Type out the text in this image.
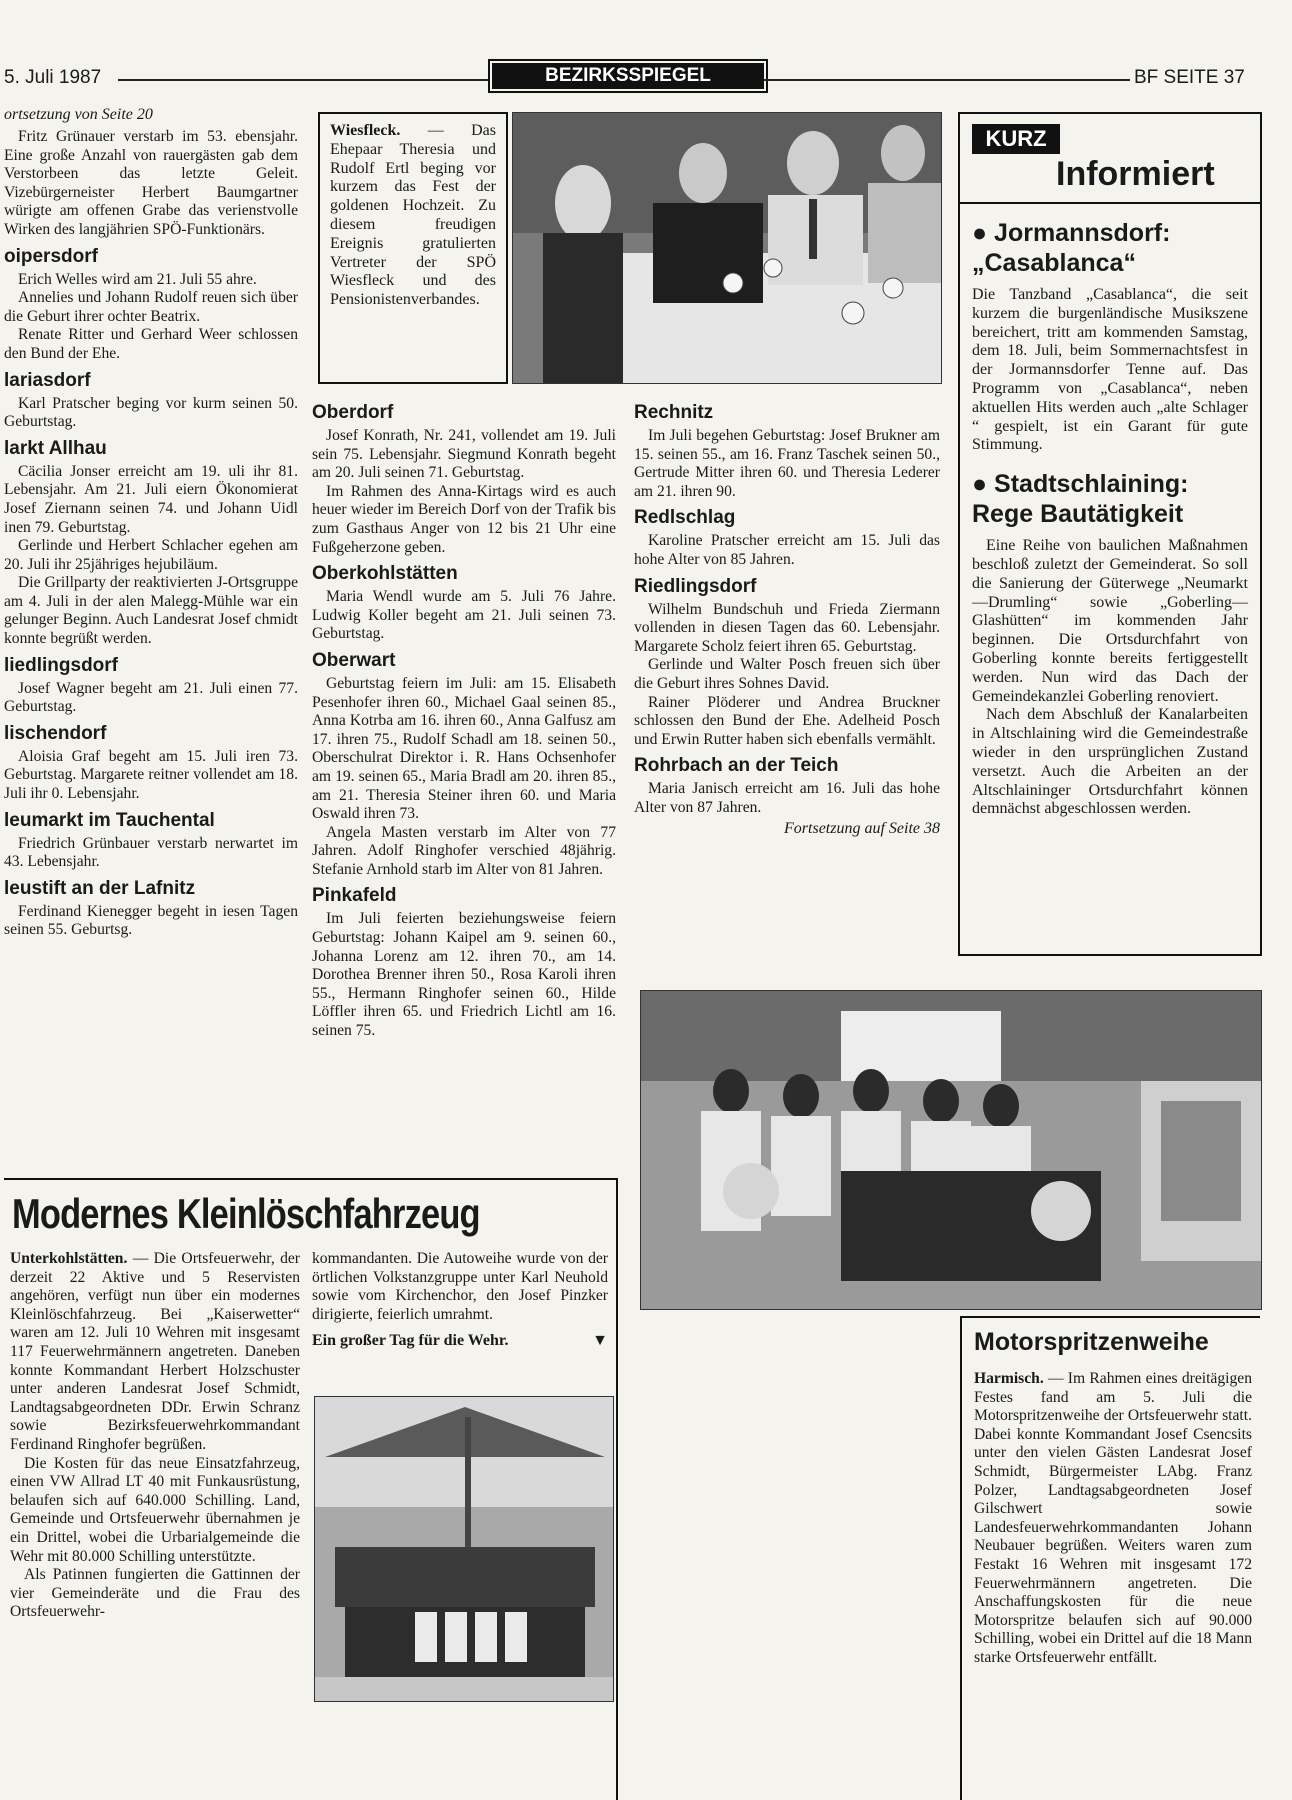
5. Juli 1987	BEZIRKSSPIEGEL	BF SEITE 37
ortsetzung von Seite 20

Fritz Grünauer verstarb im 53. ebensjahr. Eine große Anzahl von rauergästen gab dem Verstorbeen das letzte Geleit. Vizebürgerneister Herbert Baumgartner würigte am offenen Grabe das verienstvolle Wirken des langjährien SPÖ-Funktionärs.

oipersdorf

Erich Welles wird am 21. Juli 55 ahre.

Annelies und Johann Rudolf reuen sich über die Geburt ihrer ochter Beatrix.

Renate Ritter und Gerhard Weer schlossen den Bund der Ehe.

lariasdorf

Karl Pratscher beging vor kurm seinen 50. Geburtstag.

larkt Allhau

Cäcilia Jonser erreicht am 19. uli ihr 81. Lebensjahr. Am 21. Juli eiern Ökonomierat Josef Ziernann seinen 74. und Johann Uidl inen 79. Geburtstag.

Gerlinde und Herbert Schlacher egehen am 20. Juli ihr 25jähriges hejubiläum.

Die Grillparty der reaktivierten J-Ortsgruppe am 4. Juli in der alen Malegg-Mühle war ein gelunger Beginn. Auch Landesrat Josef chmidt konnte begrüßt werden.

liedlingsdorf

Josef Wagner begeht am 21. Juli einen 77. Geburtstag.

lischendorf

Aloisia Graf begeht am 15. Juli iren 73. Geburtstag. Margarete reitner vollendet am 18. Juli ihr 0. Lebensjahr.

leumarkt im Tauchental

Friedrich Grünbauer verstarb nerwartet im 43. Lebensjahr.

leustift an der Lafnitz

Ferdinand Kienegger begeht in iesen Tagen seinen 55. Geburtsg.

Wiesfleck. — Das Ehepaar Theresia und Rudolf Ertl beging vor kurzem das Fest der goldenen Hochzeit. Zu diesem freudigen Ereignis gratulierten Vertreter der SPÖ Wiesfleck und des Pensionistenverbandes.

KURZ
Informiert
● Jormannsdorf: „Casablanca“

Die Tanzband „Casablanca“, die seit kurzem die burgenländische Musikszene bereichert, tritt am kommenden Samstag, dem 18. Juli, beim Sommernachtsfest in der Jormannsdorfer Tenne auf. Das Programm von „Casablanca“, neben aktuellen Hits werden auch „alte Schlager “ gespielt, ist ein Garant für gute Stimmung.

● Stadtschlaining: Rege Bautätigkeit

Eine Reihe von baulichen Maßnahmen beschloß zuletzt der Gemeinderat. So soll die Sanierung der Güterwege „Neumarkt—Drumling“ sowie „Goberling—Glashütten“ im kommenden Jahr beginnen. Die Ortsdurchfahrt von Goberling konnte bereits fertiggestellt werden. Nun wird das Dach der Gemeindekanzlei Goberling renoviert.

Nach dem Abschluß der Kanalarbeiten in Altschlaining wird die Gemeindestraße wieder in den ursprünglichen Zustand versetzt. Auch die Arbeiten an der Altschlaininger Ortsdurchfahrt können demnächst abgeschlossen werden.

Oberdorf

Josef Konrath, Nr. 241, vollendet am 19. Juli sein 75. Lebensjahr. Siegmund Konrath begeht am 20. Juli seinen 71. Geburtstag.

Im Rahmen des Anna-Kirtags wird es auch heuer wieder im Bereich Dorf von der Trafik bis zum Gasthaus Anger von 12 bis 21 Uhr eine Fußgeherzone geben.

Oberkohlstätten

Maria Wendl wurde am 5. Juli 76 Jahre. Ludwig Koller begeht am 21. Juli seinen 73. Geburtstag.

Oberwart

Geburtstag feiern im Juli: am 15. Elisabeth Pesenhofer ihren 60., Michael Gaal seinen 85., Anna Kotrba am 16. ihren 60., Anna Galfusz am 17. ihren 75., Rudolf Schadl am 18. seinen 50., Oberschulrat Direktor i. R. Hans Ochsenhofer am 19. seinen 65., Maria Bradl am 20. ihren 85., am 21. Theresia Steiner ihren 60. und Maria Oswald ihren 73.

Angela Masten verstarb im Alter von 77 Jahren. Adolf Ringhofer verschied 48jährig. Stefanie Arnhold starb im Alter von 81 Jahren.

Pinkafeld

Im Juli feierten beziehungsweise feiern Geburtstag: Johann Kaipel am 9. seinen 60., Johanna Lorenz am 12. ihren 70., am 14. Dorothea Brenner ihren 50., Rosa Karoli ihren 55., Hermann Ringhofer seinen 60., Hilde Löffler ihren 65. und Friedrich Lichtl am 16. seinen 75.

Rechnitz

Im Juli begehen Geburtstag: Josef Brukner am 15. seinen 55., am 16. Franz Taschek seinen 50., Gertrude Mitter ihren 60. und Theresia Lederer am 21. ihren 90.

Redlschlag

Karoline Pratscher erreicht am 15. Juli das hohe Alter von 85 Jahren.

Riedlingsdorf

Wilhelm Bundschuh und Frieda Ziermann vollenden in diesen Tagen das 60. Lebensjahr. Margarete Scholz feiert ihren 65. Geburtstag.

Gerlinde und Walter Posch freuen sich über die Geburt ihres Sohnes David.

Rainer Plöderer und Andrea Bruckner schlossen den Bund der Ehe. Adelheid Posch und Erwin Rutter haben sich ebenfalls vermählt.

Rohrbach an der Teich

Maria Janisch erreicht am 16. Juli das hohe Alter von 87 Jahren.

Fortsetzung auf Seite 38
Modernes Kleinlöschfahrzeug

Unterkohlstätten. — Die Ortsfeuerwehr, der derzeit 22 Aktive und 5 Reservisten angehören, verfügt nun über ein modernes Kleinlöschfahrzeug. Bei „Kaiserwetter“ waren am 12. Juli 10 Wehren mit insgesamt 117 Feuerwehrmännern angetreten. Daneben konnte Kommandant Herbert Holzschuster unter anderen Landesrat Josef Schmidt, Landtagsabgeordneten DDr. Erwin Schranz sowie Bezirksfeuerwehrkommandant Ferdinand Ringhofer begrüßen.

Die Kosten für das neue Einsatzfahrzeug, einen VW Allrad LT 40 mit Funkausrüstung, belaufen sich auf 640.000 Schilling. Land, Gemeinde und Ortsfeuerwehr übernahmen je ein Drittel, wobei die Urbarialgemeinde die Wehr mit 80.000 Schilling unterstützte.

Als Patinnen fungierten die Gattinnen der vier Gemeinderäte und die Frau des Ortsfeuerwehr-

kommandanten. Die Autoweihe wurde von der örtlichen Volkstanzgruppe unter Karl Neuhold sowie vom Kirchenchor, den Josef Pinzker dirigierte, feierlich umrahmt.

Ein großer Tag für die Wehr.	▼	Motorspritzenweihe

Harmisch. — Im Rahmen eines dreitägigen Festes fand am 5. Juli die Motorspritzenweihe der Ortsfeuerwehr statt. Dabei konnte Kommandant Josef Csencsits unter den vielen Gästen Landesrat Josef Schmidt, Bürgermeister LAbg. Franz Polzer, Landtagsabgeordneten Josef Gilschwert sowie Landesfeuerwehrkommandanten Johann Neubauer begrüßen. Weiters waren zum Festakt 16 Wehren mit insgesamt 172 Feuerwehrmännern angetreten. Die Anschaffungskosten für die neue Motorspritze belaufen sich auf 90.000 Schilling, wobei ein Drittel auf die 18 Mann starke Ortsfeuerwehr entfällt.
